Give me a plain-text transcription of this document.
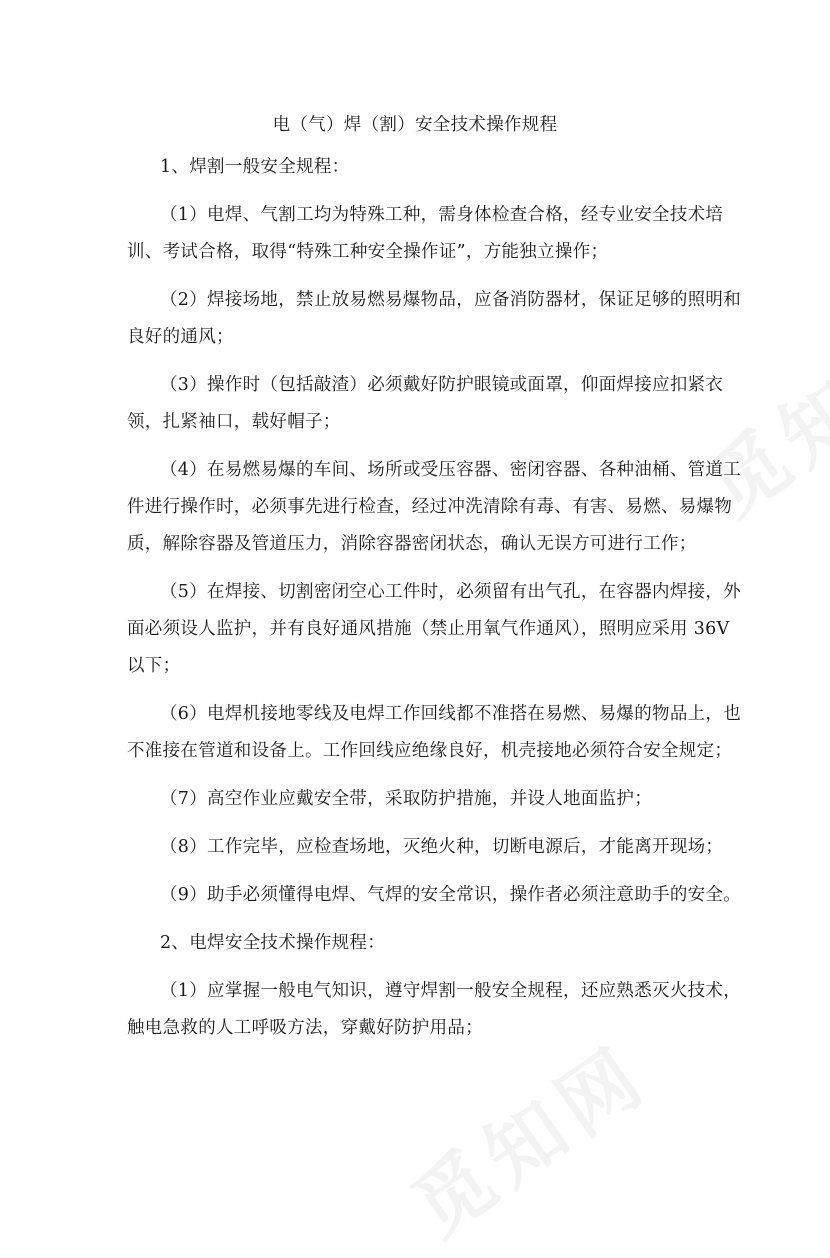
电（气）焊（割）安全技术操作规程

1、焊割一般安全规程：

（1）电焊、气割工均为特殊工种，需身体检查合格，经专业安全技术培

训、考试合格，取得“特殊工种安全操作证”，方能独立操作；

（2）焊接场地，禁止放易燃易爆物品，应备消防器材，保证足够的照明和

良好的通风；

（3）操作时（包括敲渣）必须戴好防护眼镜或面罩，仰面焊接应扣紧衣

领，扎紧袖口，载好帽子；

（4）在易燃易爆的车间、场所或受压容器、密闭容器、各种油桶、管道工

件进行操作时，必须事先进行检查，经过冲洗清除有毒、有害、易燃、易爆物

质，解除容器及管道压力，消除容器密闭状态，确认无误方可进行工作；

（5）在焊接、切割密闭空心工件时，必须留有出气孔，在容器内焊接，外

面必须设人监护，并有良好通风措施（禁止用氧气作通风），照明应采用 36V

以下；

（6）电焊机接地零线及电焊工作回线都不准搭在易燃、易爆的物品上，也

不准接在管道和设备上。工作回线应绝缘良好，机壳接地必须符合安全规定；

（7）高空作业应戴安全带，采取防护措施，并设人地面监护；

（8）工作完毕，应检查场地，灭绝火种，切断电源后，才能离开现场；

（9）助手必须懂得电焊、气焊的安全常识，操作者必须注意助手的安全。

2、电焊安全技术操作规程：

（1）应掌握一般电气知识，遵守焊割一般安全规程，还应熟悉灭火技术，

触电急救的人工呼吸方法，穿戴好防护用品；
